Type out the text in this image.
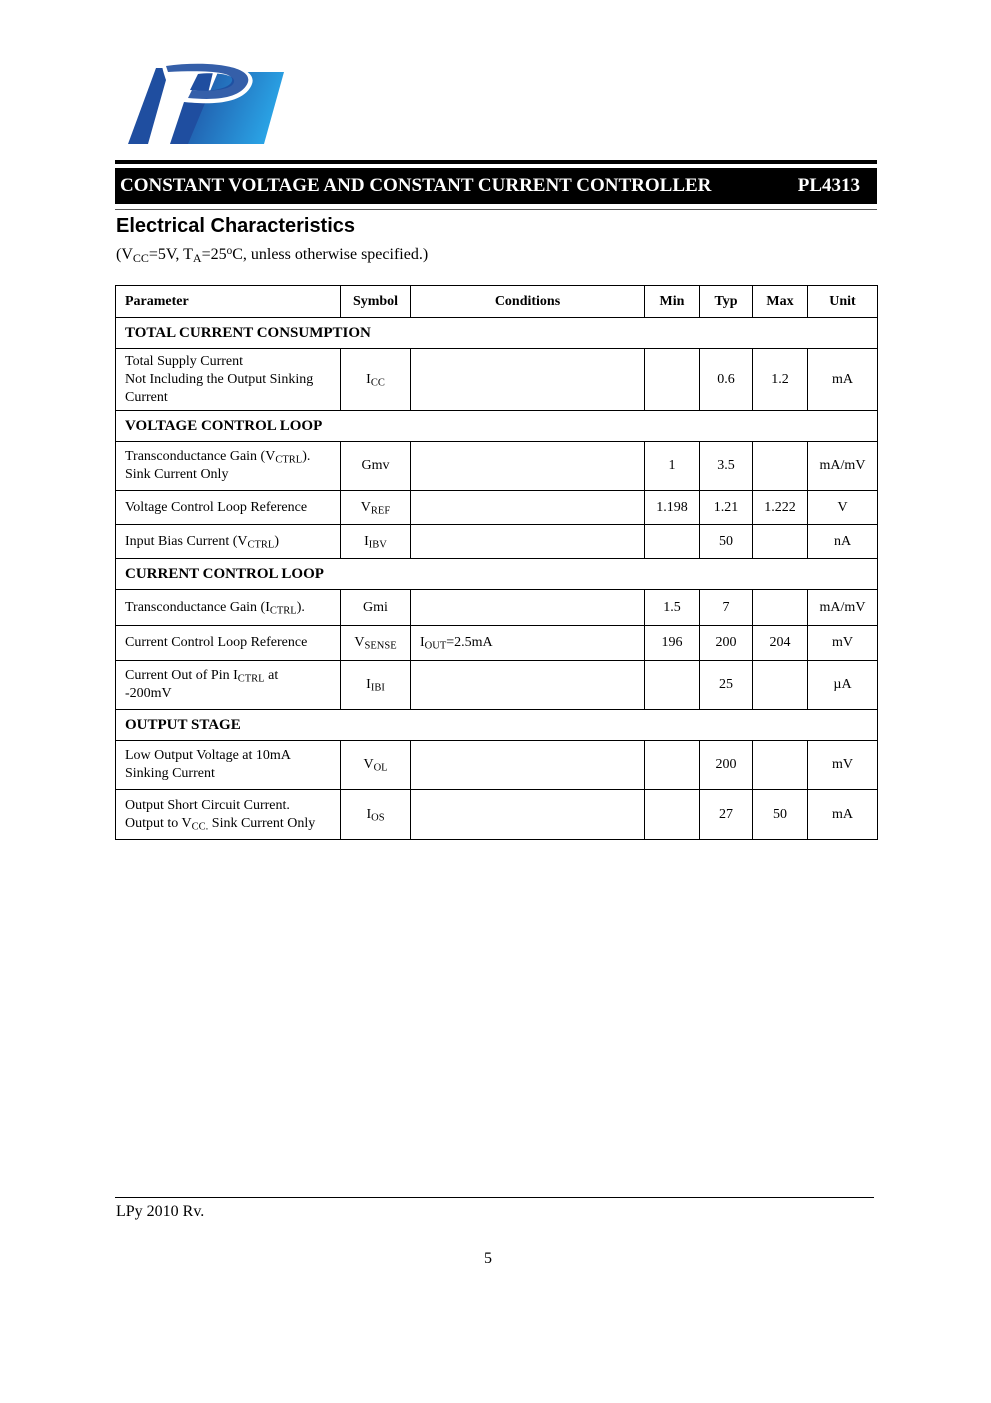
CONSTANT VOLTAGE AND CONSTANT CURRENT CONTROLLER	PL4313
Electrical Characteristics
($V_{CC}=5V$, $T_A=25^oC$, unless otherwise specified.)
Parameter	Symbol	Conditions	Min	Typ	Max	Unit
TOTAL CURRENT CONSUMPTION						
Total Supply Current
Not Including the Output Sinking
Current	$I_{CC}$			0.6	1.2	mA
VOLTAGE CONTROL LOOP						
Transconductance Gain $(V_{CTRL})$.
Sink Current Only	Gmv		1	3.5		mA/mV
Voltage Control Loop Reference	$V_{REF}$		1.198	1.21	1.222	V
Input Bias Current $(V_{CTRL})$	$I_{IBV}$			50		nA
CURRENT CONTROL LOOP						
Transconductance Gain $(I_{CTRL})$.	Gmi		1.5	7		mA/mV
Current Control Loop Reference	$V_{SENSE}$	$I_{OUT}=2.5mA$	196	200	204	mV
Current Out of Pin $I_{CTRL}$ at
-200mV	$I_{IBI}$			25		µA
OUTPUT STAGE						
Low Output Voltage at 10mA
Sinking Current	$V_{OL}$			200		mV
Output Short Circuit Current.
Output to $V_{CC.}$ Sink Current Only	$I_{OS}$			27	50	mA
LPy 2010 Rv.
5
